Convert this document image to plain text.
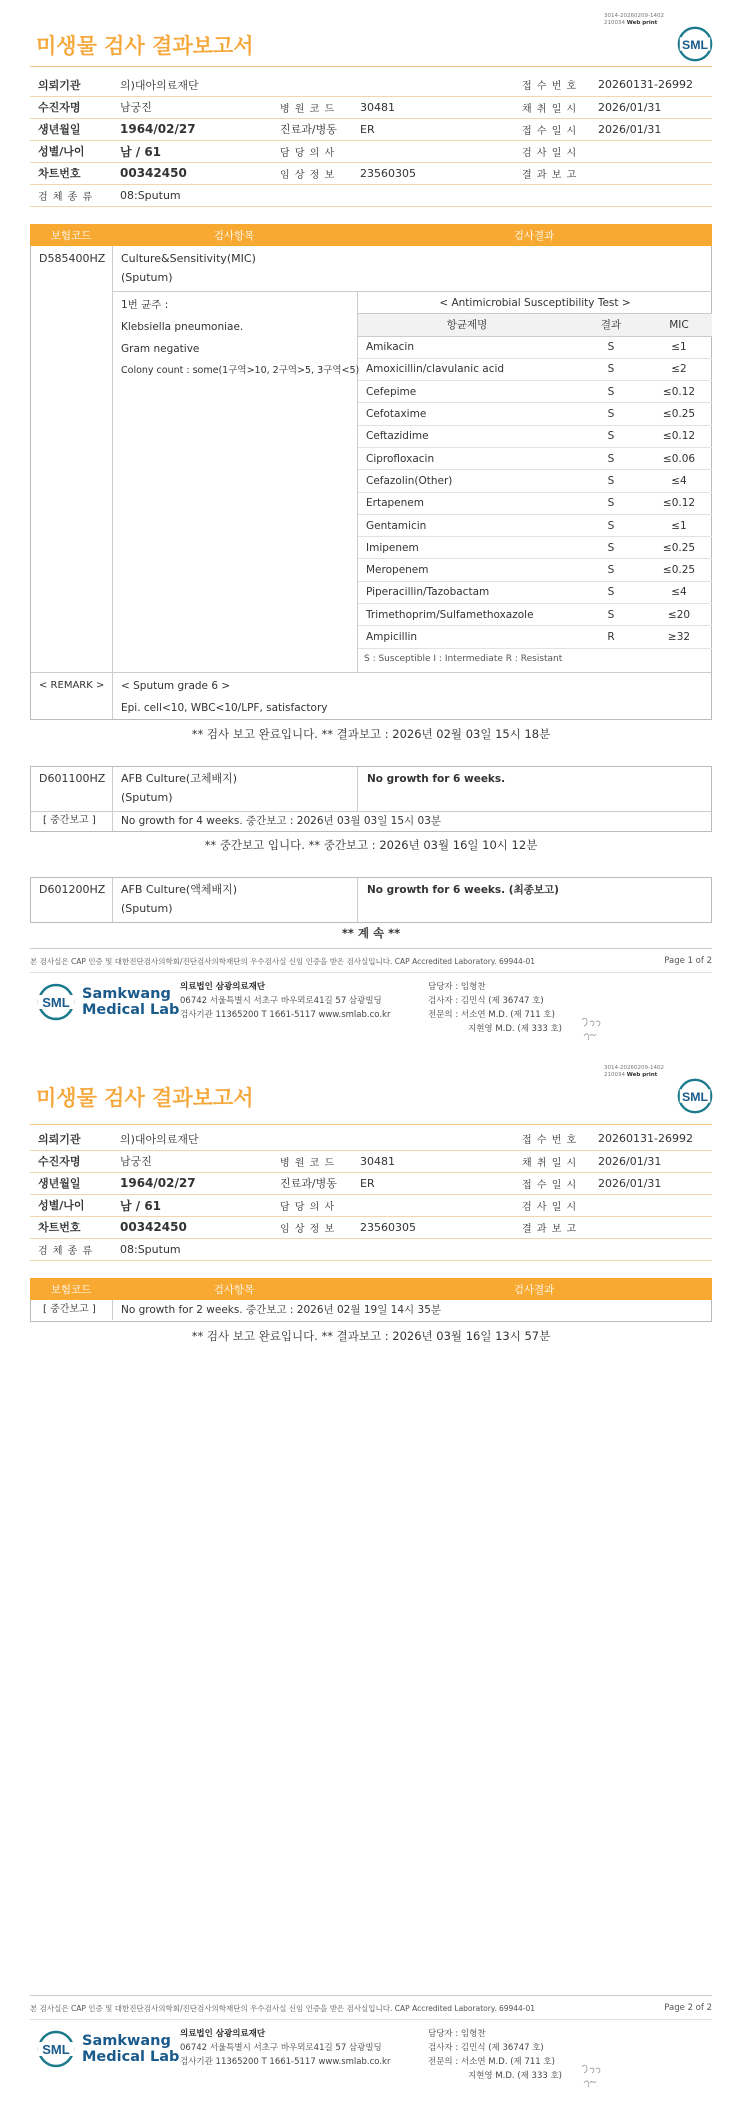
3014-20260209-1402
210034 Web print
SML
미생물 검사 결과보고서
의뢰기관	의)대아의료재단			접 수 번 호	20260131-26992
수진자명	남궁진	병 원 코 드	30481	채 취 일 시	2026/01/31
생년월일	1964/02/27	진료과/병동	ER	접 수 일 시	2026/01/31
성별/나이	남 / 61	담 당 의 사		검 사 일 시	
차트번호	00342450	임 상 정 보	23560305	결 과 보 고	
검 체 종 류	08:Sputum				
보험코드	검사항목	검사결과
D585400HZ Culture&Sensitivity(MIC)
(Sputum)
1번 균주 :
Klebsiella pneumoniae.
Gram negative
Colony count : some(1구역>10, 2구역>5, 3구역<5)
< Antimicrobial Susceptibility Test >
항균제명	결과	MIC
Amikacin	S	≤1
Amoxicillin/clavulanic acid	S	≤2
Cefepime	S	≤0.12
Cefotaxime	S	≤0.25
Ceftazidime	S	≤0.12
Ciprofloxacin	S	≤0.06
Cefazolin(Other)	S	≤4
Ertapenem	S	≤0.12
Gentamicin	S	≤1
Imipenem	S	≤0.25
Meropenem	S	≤0.25
Piperacillin/Tazobactam	S	≤4
Trimethoprim/Sulfamethoxazole	S	≤20
Ampicillin	R	≥32
S : Susceptible I : Intermediate R : Resistant
< REMARK > < Sputum grade 6 >
Epi. cell<10, WBC<10/LPF, satisfactory
** 검사 보고 완료입니다. ** 결과보고 : 2026년 02월 03일 15시 18분
D601100HZ AFB Culture(고체배지)
(Sputum)
No growth for 6 weeks.
[ 중간보고 ] No growth for 4 weeks. 중간보고 : 2026년 03월 03일 15시 03분
** 중간보고 입니다. ** 중간보고 : 2026년 03월 16일 10시 12분
D601200HZ AFB Culture(액체배지)
(Sputum)
No growth for 6 weeks. (최종보고)
** 계 속 **
본 검사실은 CAP 인증 및 대한진단검사의학회/진단검사의학재단의 우수검사실 신임 인증을 받은 검사실입니다. CAP Accredited Laboratory. 69944-01	Page 1 of 2
SML
Samkwang
Medical Lab
의료법인 삼광의료재단
06742 서울특별시 서초구 바우뫼로41길 57 삼광빌딩
검사기관 11365200 T 1661-5117 www.smlab.co.kr
담당자 : 임형찬
검사자 : 김민식 (제 36747 호)
전문의 : 서소연 M.D. (제 711 호)
지현영 M.D. (제 333 호)
3014-20260209-1402
210034 Web print
SML
미생물 검사 결과보고서
의뢰기관	의)대아의료재단			접 수 번 호	20260131-26992
수진자명	남궁진	병 원 코 드	30481	채 취 일 시	2026/01/31
생년월일	1964/02/27	진료과/병동	ER	접 수 일 시	2026/01/31
성별/나이	남 / 61	담 당 의 사		검 사 일 시	
차트번호	00342450	임 상 정 보	23560305	결 과 보 고	
검 체 종 류	08:Sputum				
보험코드	검사항목	검사결과
[ 중간보고 ] No growth for 2 weeks. 중간보고 : 2026년 02월 19일 14시 35분
** 검사 보고 완료입니다. ** 결과보고 : 2026년 03월 16일 13시 57분
본 검사실은 CAP 인증 및 대한진단검사의학회/진단검사의학재단의 우수검사실 신임 인증을 받은 검사실입니다. CAP Accredited Laboratory. 69944-01	Page 2 of 2
SML
Samkwang
Medical Lab
의료법인 삼광의료재단
06742 서울특별시 서초구 바우뫼로41길 57 삼광빌딩
검사기관 11365200 T 1661-5117 www.smlab.co.kr
담당자 : 임형찬
검사자 : 김민식 (제 36747 호)
전문의 : 서소연 M.D. (제 711 호)
지현영 M.D. (제 333 호)
